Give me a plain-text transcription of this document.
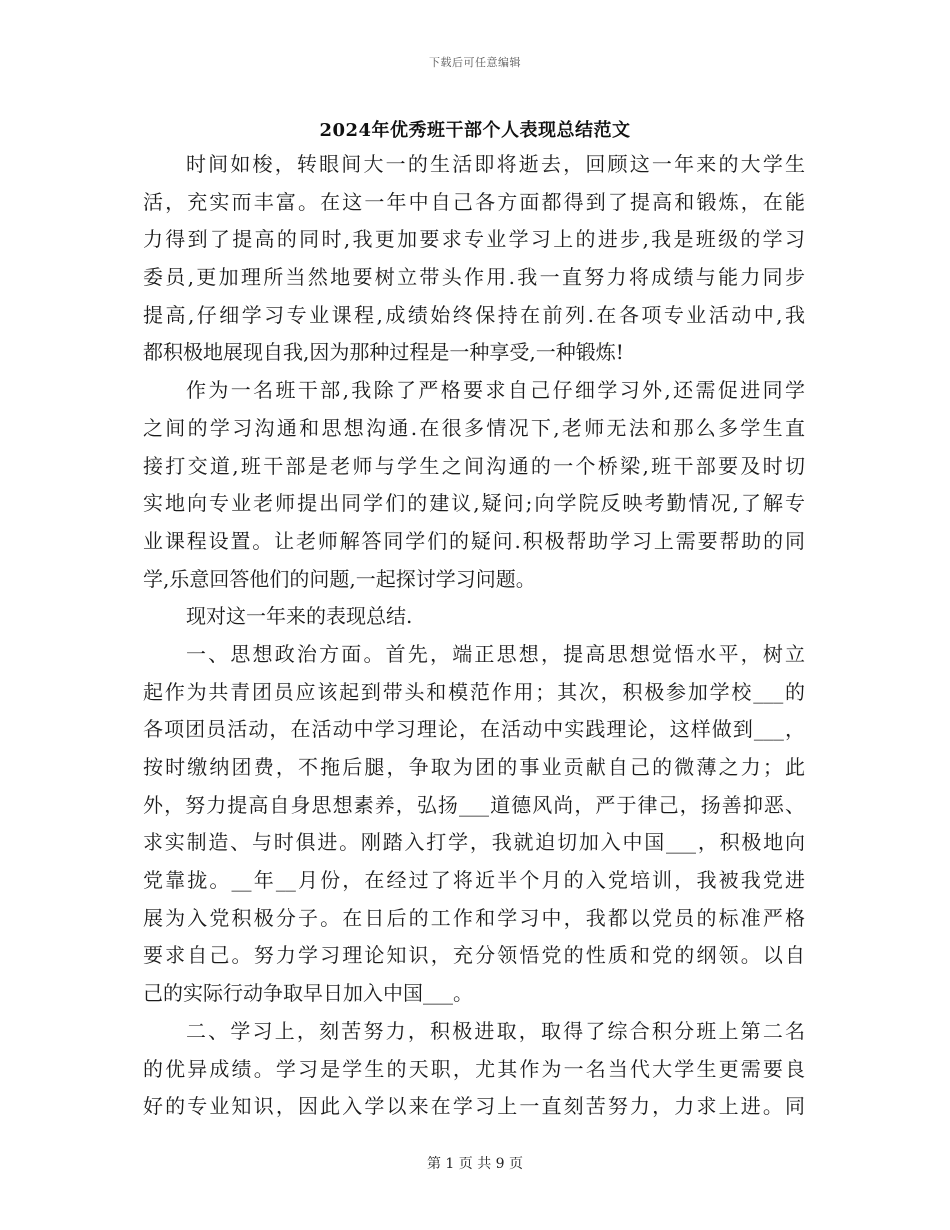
下载后可任意编辑
2024年优秀班干部个人表现总结范文
时间如梭，转眼间大一的生活即将逝去，回顾这一年来的大学生
活，充实而丰富。在这一年中自己各方面都得到了提高和锻炼，在能
力得到了提高的同时,我更加要求专业学习上的进步,我是班级的学习
委员,更加理所当然地要树立带头作用.我一直努力将成绩与能力同步
提高,仔细学习专业课程,成绩始终保持在前列.在各项专业活动中,我
都积极地展现自我,因为那种过程是一种享受,一种锻炼!
作为一名班干部,我除了严格要求自己仔细学习外,还需促进同学
之间的学习沟通和思想沟通.在很多情况下,老师无法和那么多学生直
接打交道,班干部是老师与学生之间沟通的一个桥梁,班干部要及时切
实地向专业老师提出同学们的建议,疑问;向学院反映考勤情况,了解专
业课程设置。让老师解答同学们的疑问.积极帮助学习上需要帮助的同
学,乐意回答他们的问题,一起探讨学习问题。
现对这一年来的表现总结.
一、思想政治方面。首先，端正思想，提高思想觉悟水平，树立
起作为共青团员应该起到带头和模范作用；其次，积极参加学校___的
各项团员活动，在活动中学习理论，在活动中实践理论，这样做到___，
按时缴纳团费，不拖后腿，争取为团的事业贡献自己的微薄之力；此
外，努力提高自身思想素养，弘扬___道德风尚，严于律己，扬善抑恶、
求实制造、与时俱进。刚踏入打学，我就迫切加入中国___，积极地向
党靠拢。__年__月份，在经过了将近半个月的入党培训，我被我党进
展为入党积极分子。在日后的工作和学习中，我都以党员的标准严格
要求自己。努力学习理论知识，充分领悟党的性质和党的纲领。以自
己的实际行动争取早日加入中国___。
二、学习上，刻苦努力，积极进取，取得了综合积分班上第二名
的优异成绩。学习是学生的天职，尤其作为一名当代大学生更需要良
好的专业知识，因此入学以来在学习上一直刻苦努力，力求上进。同
第 1 页 共 9 页
